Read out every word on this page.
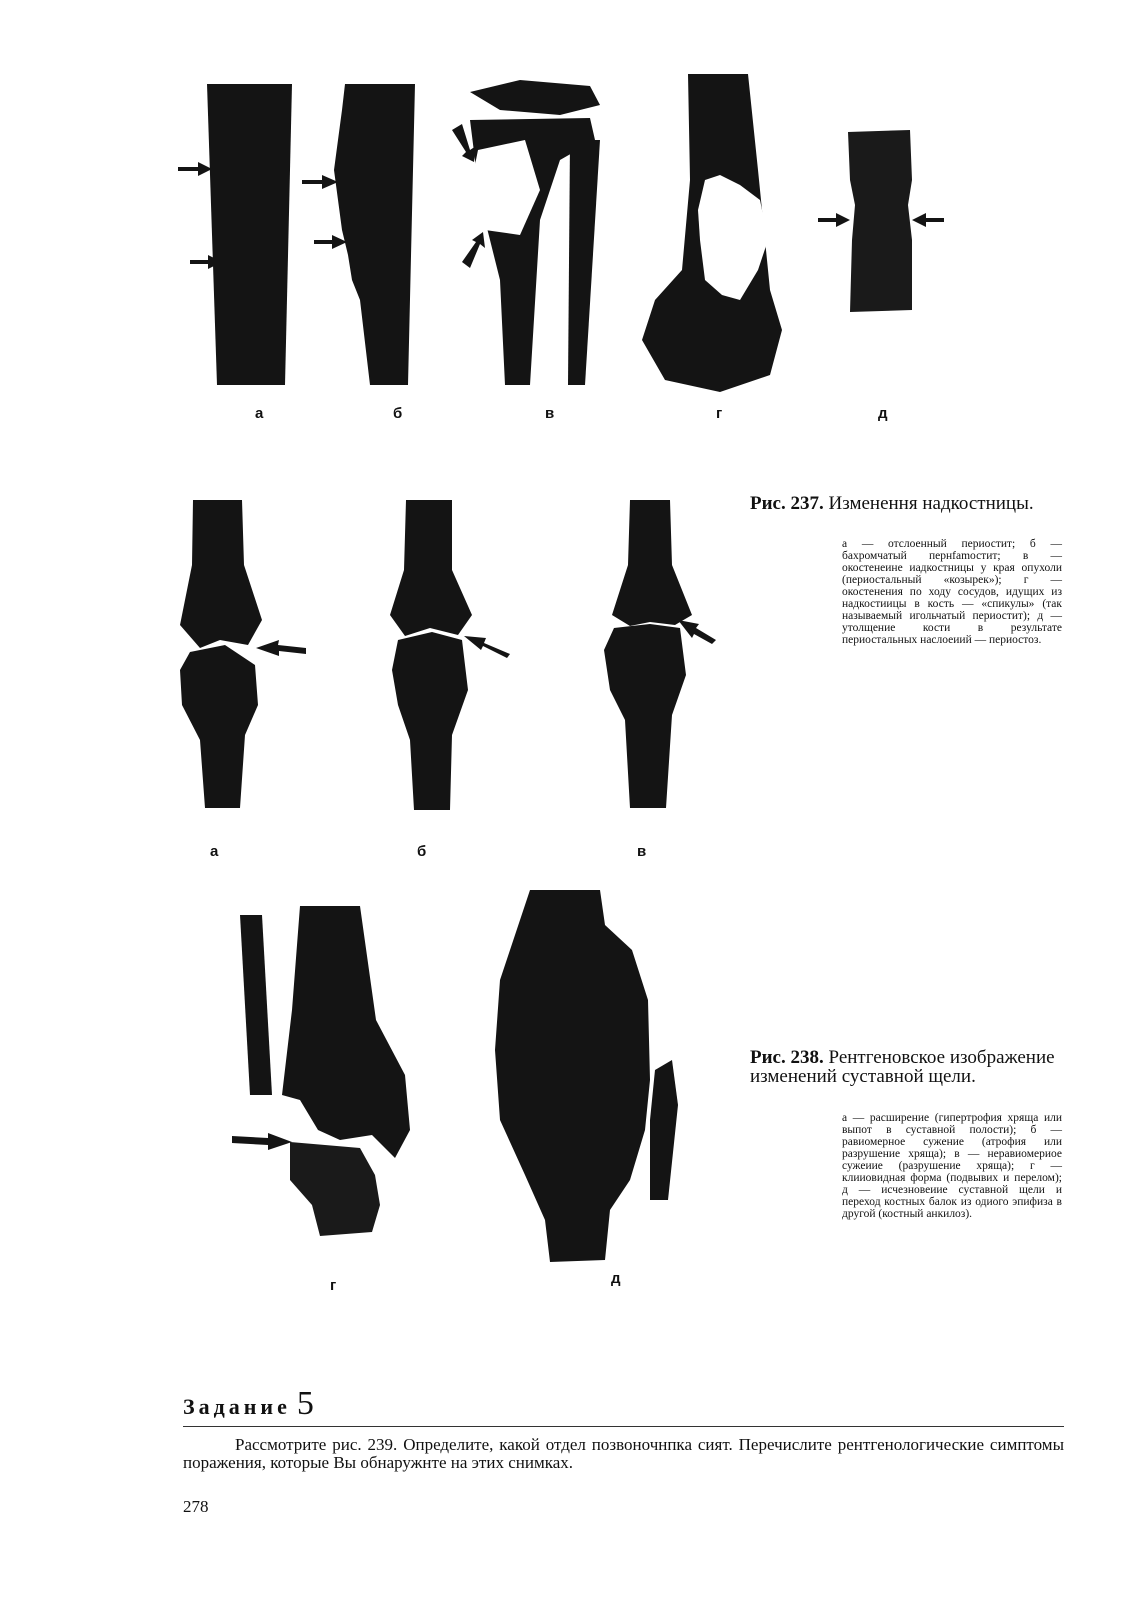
а	б	в	г	д
а	б	в
г	д
Рис. 237. Изменення надкостницы.
а — отслоенный периостит; б — бахромчатый пернfamостит; в — окостенеине иадкостницы у края опухоли (периостальный «козырек»); г — окостенения по ходу сосудов, идущих из надкостиицы в кость — «спикулы» (так называемый игольчатый периостит); д — утолщение кости в результате периостальных наслоеиий — периостоз.
Рис. 238. Рентгеновское изображение изменений суставной щели.
а — расширение (гипертрофия хряща или выпот в суставной полости); б — равиомерное сужение (атрофия или разрушение хряща); в — неравиомериое сужеиие (разрушение хряща); г — клииовидная форма (подвывих и перелом); д — исчезновеиие суставной щели и переход костных балок из одиого эпифиза в другой (костный анкилоз).
Задание 5
Рассмотрите рис. 239. Определите, какой отдел позвоночнпка сият. Перечислите рентгенологические симптомы поражения, которые Вы обнаружнте на этих снимках.
278
